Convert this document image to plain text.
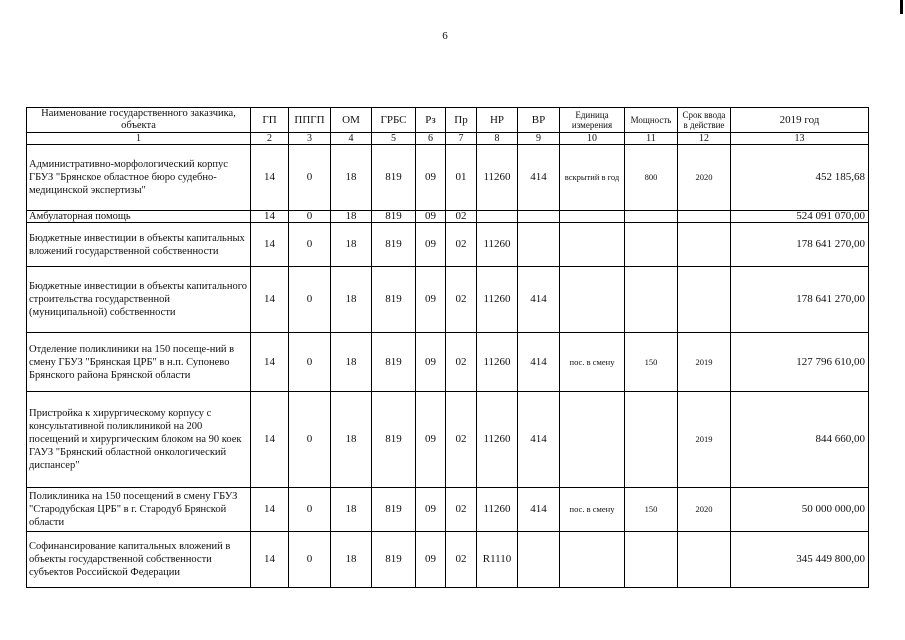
6
Наименование государственного заказчика, объекта	ГП	ППГП	ОМ	ГРБС	Рз	Пр	НР	ВР	Единица измерения	Мощность	Срок ввода в действие	2019 год
1	2	3	4	5	6	7	8	9	10	11	12	13
Административно-морфологический корпус ГБУЗ "Брянское областное бюро судебно-медицинской экспертизы"	14	0	18	819	09	01	11260	414	вскрытий в год	800	2020	452 185,68
Амбулаторная помощь	14	0	18	819	09	02						524 091 070,00
Бюджетные инвестиции в объекты капитальных вложений государственной собственности	14	0	18	819	09	02	11260					178 641 270,00
Бюджетные инвестиции в объекты капитального строительства государственной (муниципальной) собственности	14	0	18	819	09	02	11260	414				178 641 270,00
Отделение поликлиники на 150 посеще-ний в смену ГБУЗ "Брянская ЦРБ" в н.п. Супонево Брянского района Брянской области	14	0	18	819	09	02	11260	414	пос. в смену	150	2019	127 796 610,00
Пристройка к хирургическому корпусу с консультативной поликлиникой на 200 посещений и хирургическим блоком на 90 коек ГАУЗ "Брянский областной онкологический диспансер"	14	0	18	819	09	02	11260	414			2019	844 660,00
Поликлиника на 150 посещений в смену ГБУЗ "Стародубская ЦРБ" в г. Стародуб Брянской области	14	0	18	819	09	02	11260	414	пос. в смену	150	2020	50 000 000,00
Софинансирование капитальных вложений в объекты государственной собственности субъектов Российской Федерации	14	0	18	819	09	02	R1110					345 449 800,00
